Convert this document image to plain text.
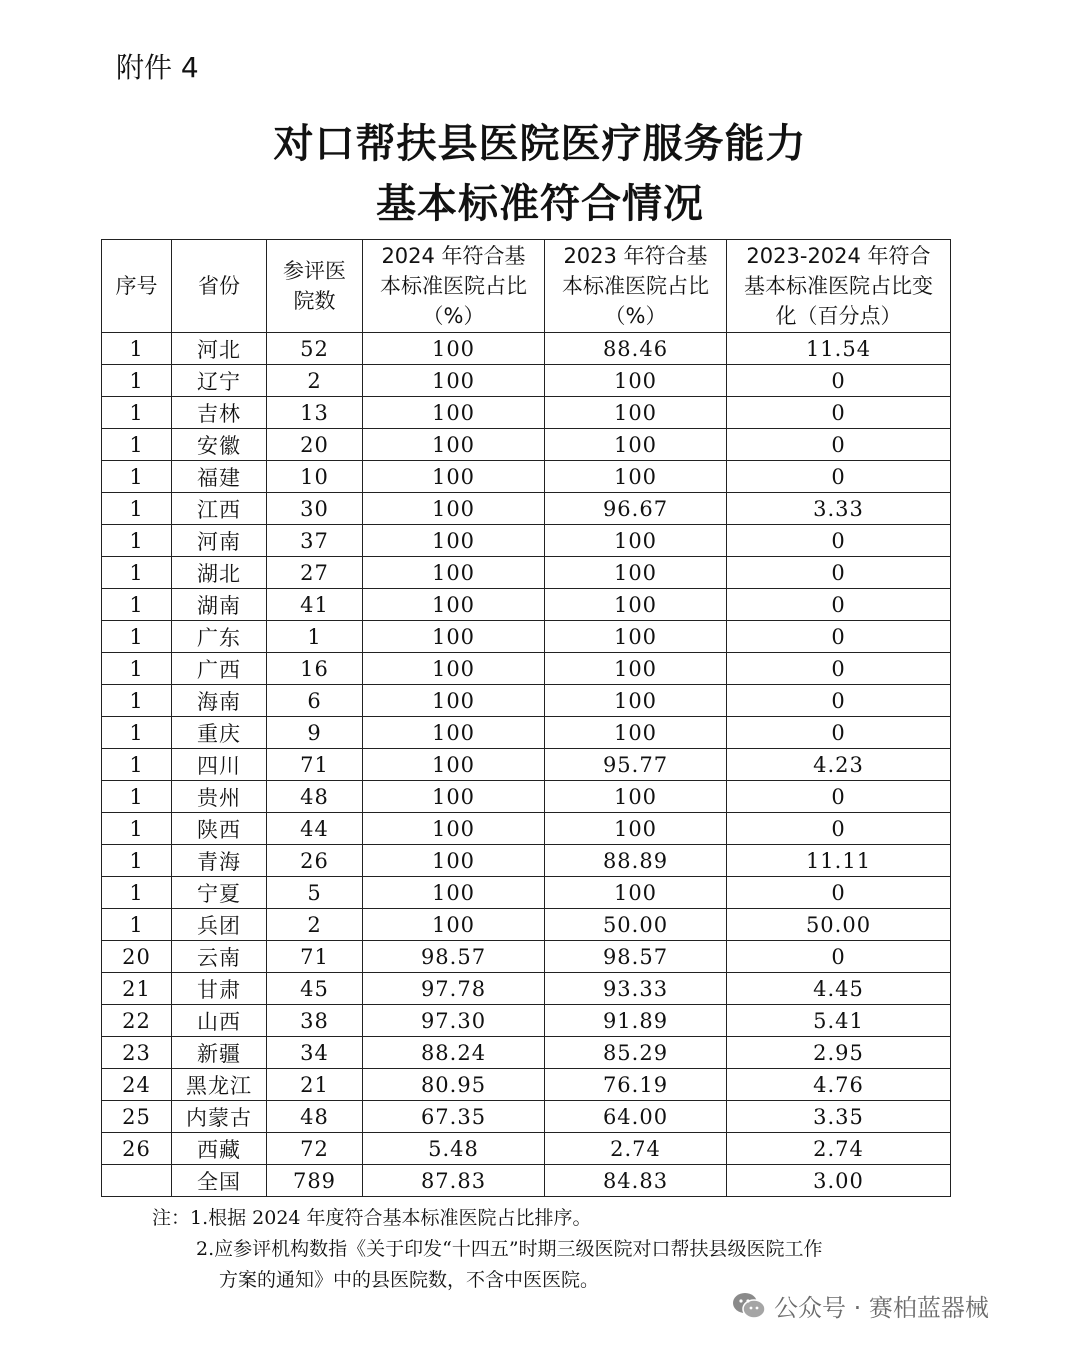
附件 4
对口帮扶县医院医疗服务能力
基本标准符合情况
序号	省份	参评医院数	2024 年符合基本标准医院占比（%）	2023 年符合基本标准医院占比（%）	2023-2024 年符合基本标准医院占比变化（百分点）
1	河北	52	100	88.46	11.54
1	辽宁	2	100	100	0
1	吉林	13	100	100	0
1	安徽	20	100	100	0
1	福建	10	100	100	0
1	江西	30	100	96.67	3.33
1	河南	37	100	100	0
1	湖北	27	100	100	0
1	湖南	41	100	100	0
1	广东	1	100	100	0
1	广西	16	100	100	0
1	海南	6	100	100	0
1	重庆	9	100	100	0
1	四川	71	100	95.77	4.23
1	贵州	48	100	100	0
1	陕西	44	100	100	0
1	青海	26	100	88.89	11.11
1	宁夏	5	100	100	0
1	兵团	2	100	50.00	50.00
20	云南	71	98.57	98.57	0
21	甘肃	45	97.78	93.33	4.45
22	山西	38	97.30	91.89	5.41
23	新疆	34	88.24	85.29	2.95
24	黑龙江	21	80.95	76.19	4.76
25	内蒙古	48	67.35	64.00	3.35
26	西藏	72	5.48	2.74	2.74
	全国	789	87.83	84.83	3.00
注：1.根据 2024 年度符合基本标准医院占比排序。
2.应参评机构数指《关于印发“十四五”时期三级医院对口帮扶县级医院工作
方案的通知》中的县医院数，不含中医医院。
公众号 · 赛柏蓝器械
